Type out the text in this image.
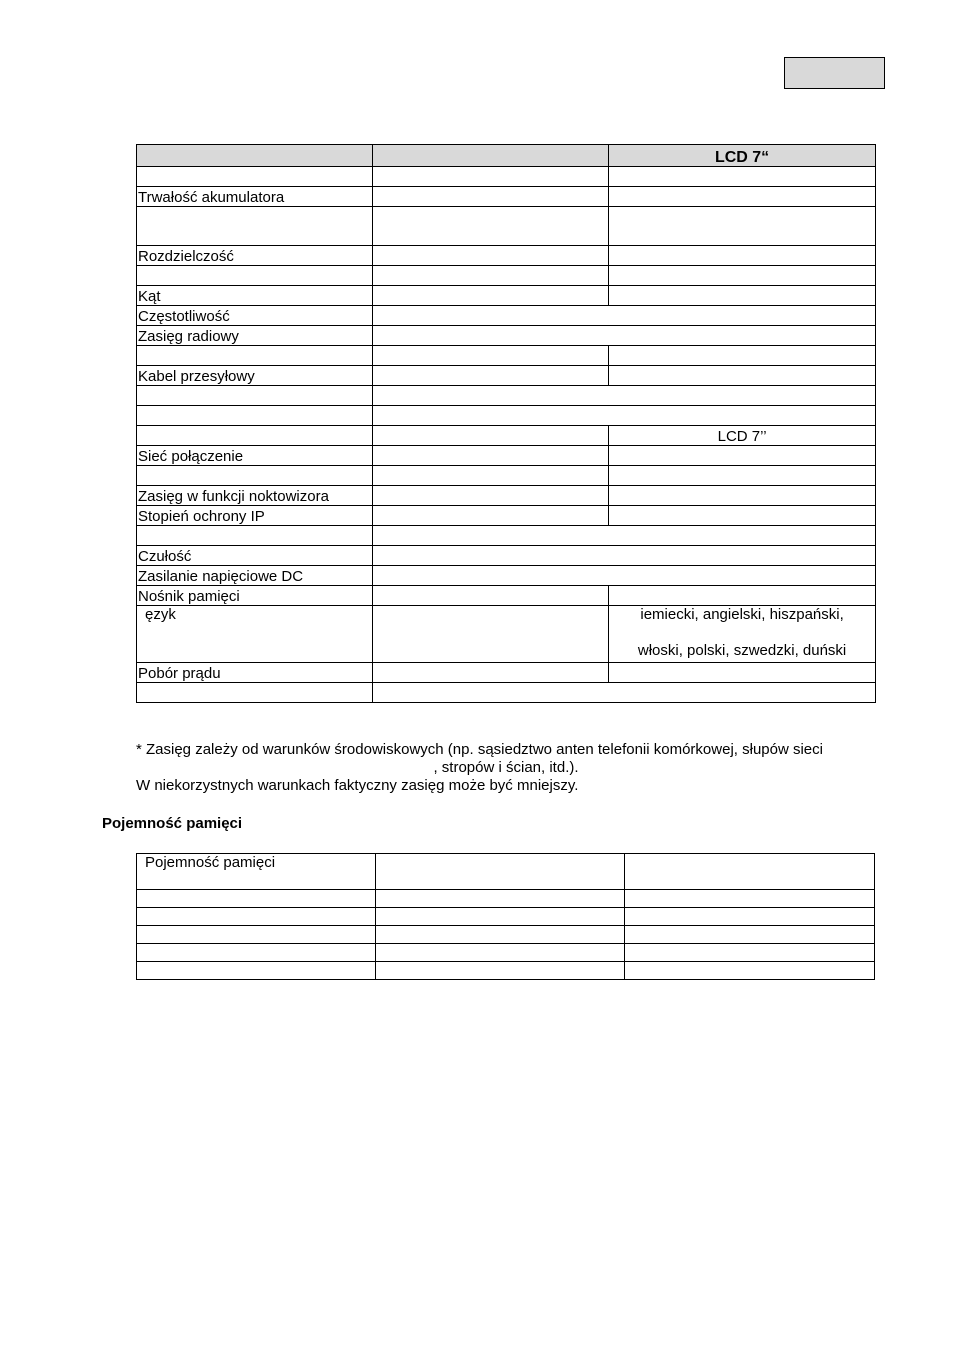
		LCD 7“

Trwałość akumulatora		

Rozdzielczość		

Kąt		
Częstotliwość		
Zasięg radiowy		

Kabel przesyłowy		

		LCD 7’’
Sieć połączenie		

Zasięg w funkcji noktowizora		
Stopień ochrony IP		

Czułość		
Zasilanie napięciowe DC		
Nośnik pamięci		
ęzyk		iemiecki, angielski, hiszpański,
włoski, polski, szwedzki, duński

Pobór prądu		

* Zasięg zależy od warunków środowiskowych (np. sąsiedztwo anten telefonii komórkowej, słupów sieci
, stropów i ścian, itd.).
W niekorzystnych warunkach faktyczny zasięg może być mniejszy.
Pojemność pamięci
Pojemność pamięci		
